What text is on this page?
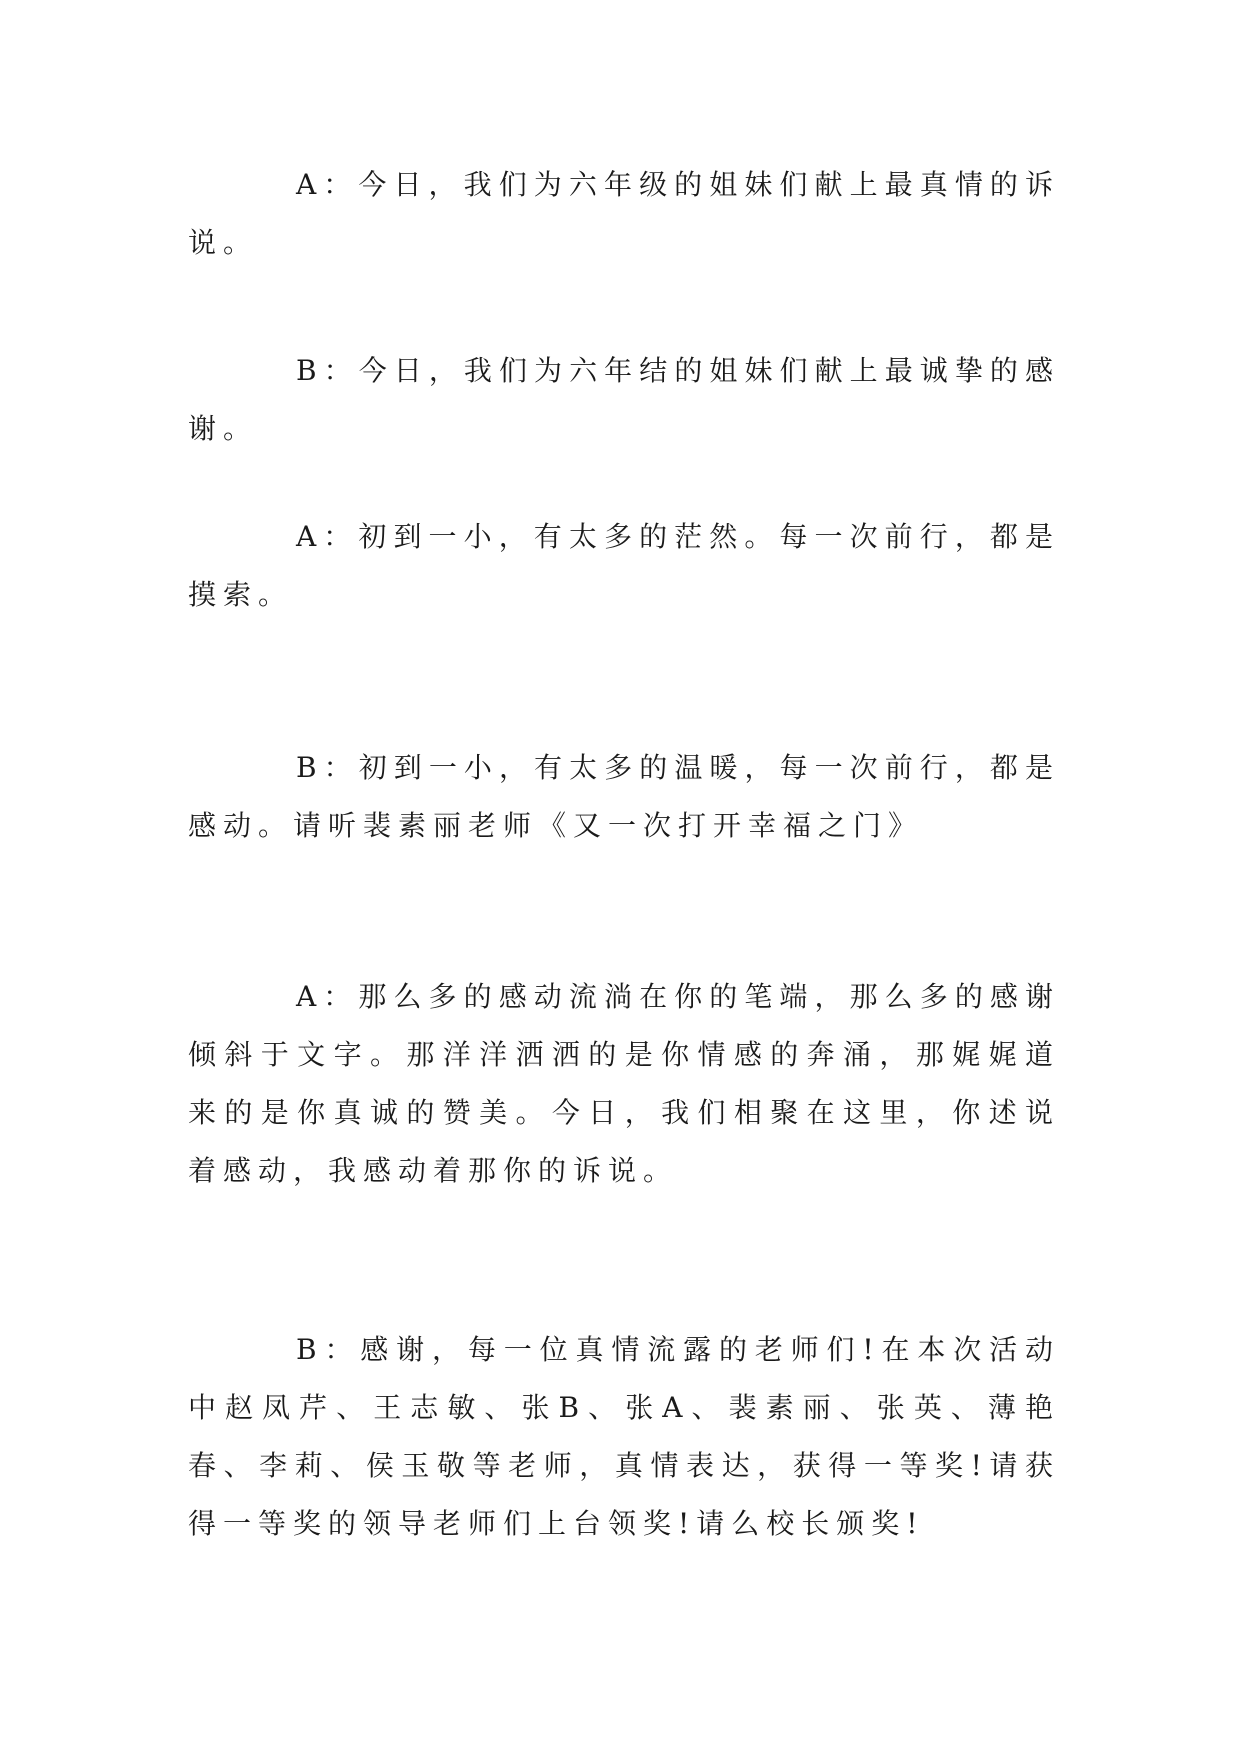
A：今日，我们为六年级的姐妹们献上最真情的诉说。

B：今日，我们为六年结的姐妹们献上最诚挚的感谢。

A：初到一小，有太多的茫然。每一次前行，都是摸索。

B：初到一小，有太多的温暖，每一次前行，都是感动。请听裴素丽老师《又一次打开幸福之门》

A：那么多的感动流淌在你的笔端，那么多的感谢倾斜于文字。那洋洋洒洒的是你情感的奔涌，那娓娓道来的是你真诚的赞美。今日，我们相聚在这里，你述说着感动，我感动着那你的诉说。

B：感谢，每一位真情流露的老师们!在本次活动中赵凤芹、王志敏、张B、张A、裴素丽、张英、薄艳春、李莉、侯玉敬等老师，真情表达，获得一等奖!请获得一等奖的领导老师们上台领奖!请么校长颁奖!
